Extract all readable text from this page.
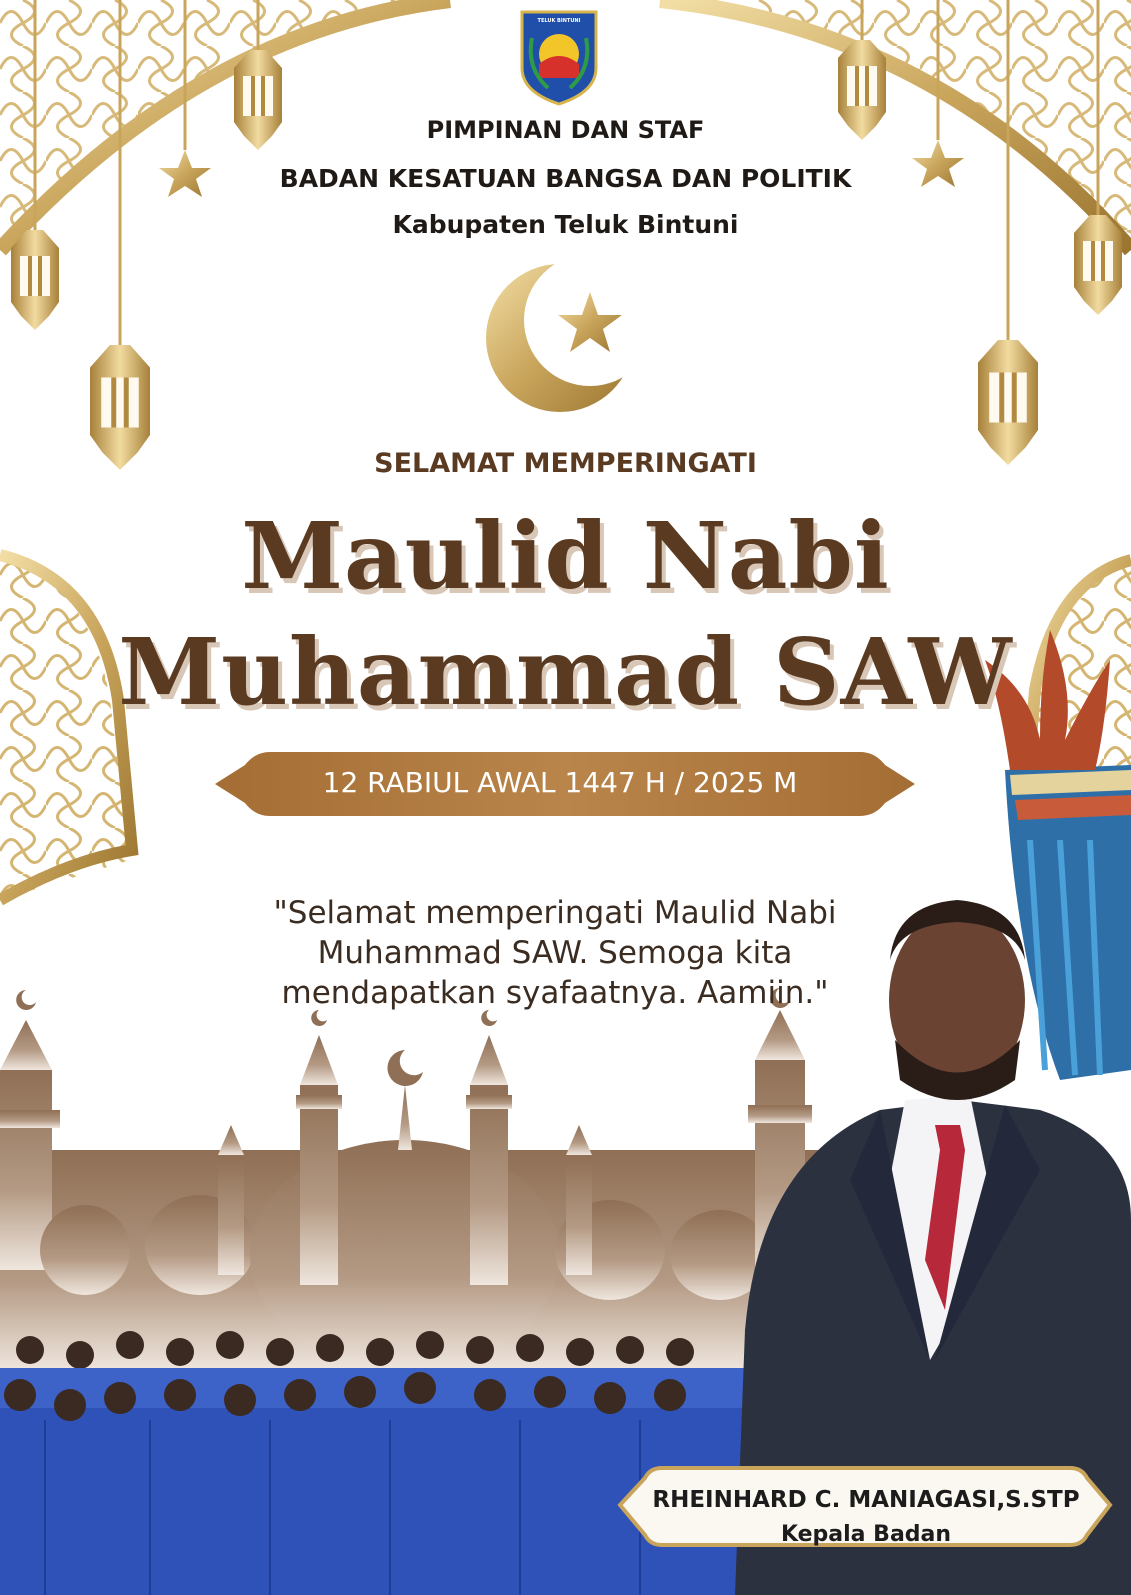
TELUK BINTUNI
PIMPINAN DAN STAF
BADAN KESATUAN BANGSA DAN POLITIK
Kabupaten Teluk Bintuni
SELAMAT MEMPERINGATI
Maulid Nabi
Muhammad SAW
12 RABIUL AWAL 1447 H / 2025 M
"Selamat memperingati Maulid Nabi
Muhammad SAW. Semoga kita
mendapatkan syafaatnya. Aamiin."
RHEINHARD C. MANIAGASI,S.STP
Kepala Badan
